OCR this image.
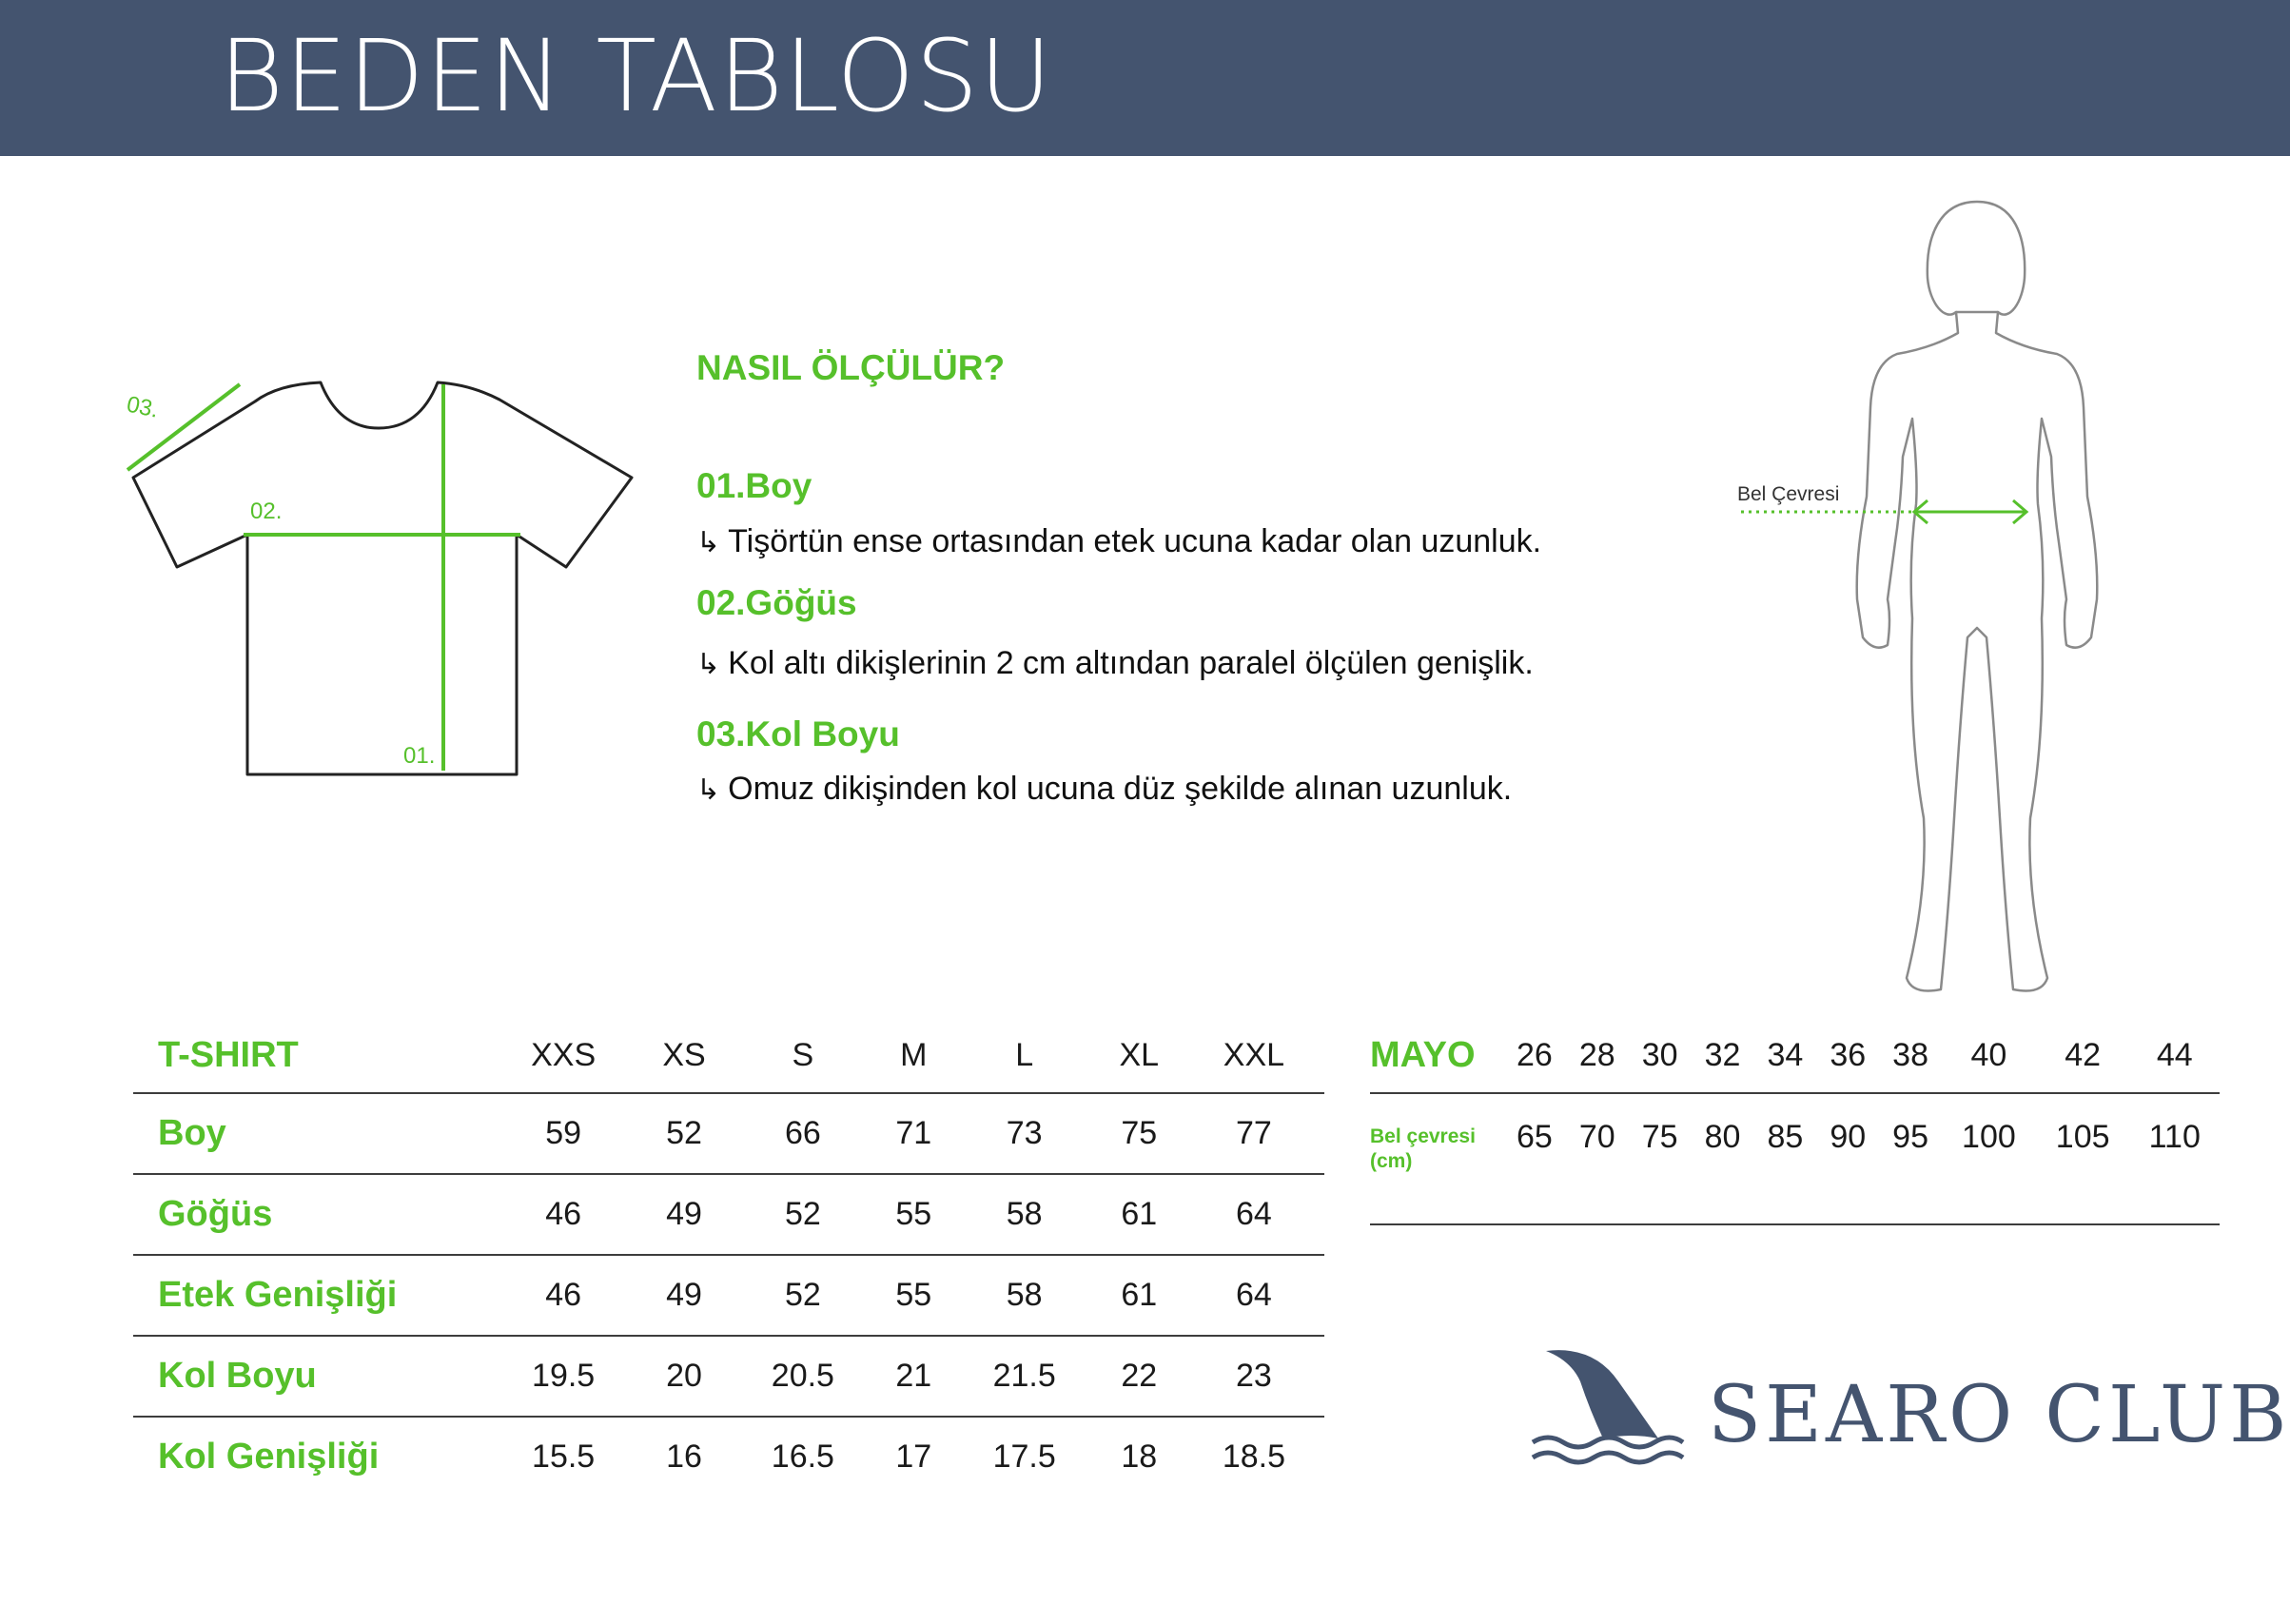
BEDEN TABLOSU
03.
02.
01.
NASIL ÖLÇÜLÜR?
01.Boy
↳ Tişörtün ense ortasından etek ucuna kadar olan uzunluk.
02.Göğüs
↳ Kol altı dikişlerinin 2 cm altından paralel ölçülen genişlik.
03.Kol Boyu
↳ Omuz dikişinden kol ucuna düz şekilde alınan uzunluk.
Bel Çevresi
T-SHIRT	XXS	XS	S	M	L	XL	XXL
Boy	59	52	66	71	73	75	77
Göğüs	46	49	52	55	58	61	64
Etek Genişliği	46	49	52	55	58	61	64
Kol Boyu	19.5	20	20.5	21	21.5	22	23
Kol Genişliği	15.5	16	16.5	17	17.5	18	18.5
MAYO	26	28	30	32	34	36	38	40	42	44
Bel çevresi
(cm)	65	70	75	80	85	90	95	100	105	110
SEARO CLUB
